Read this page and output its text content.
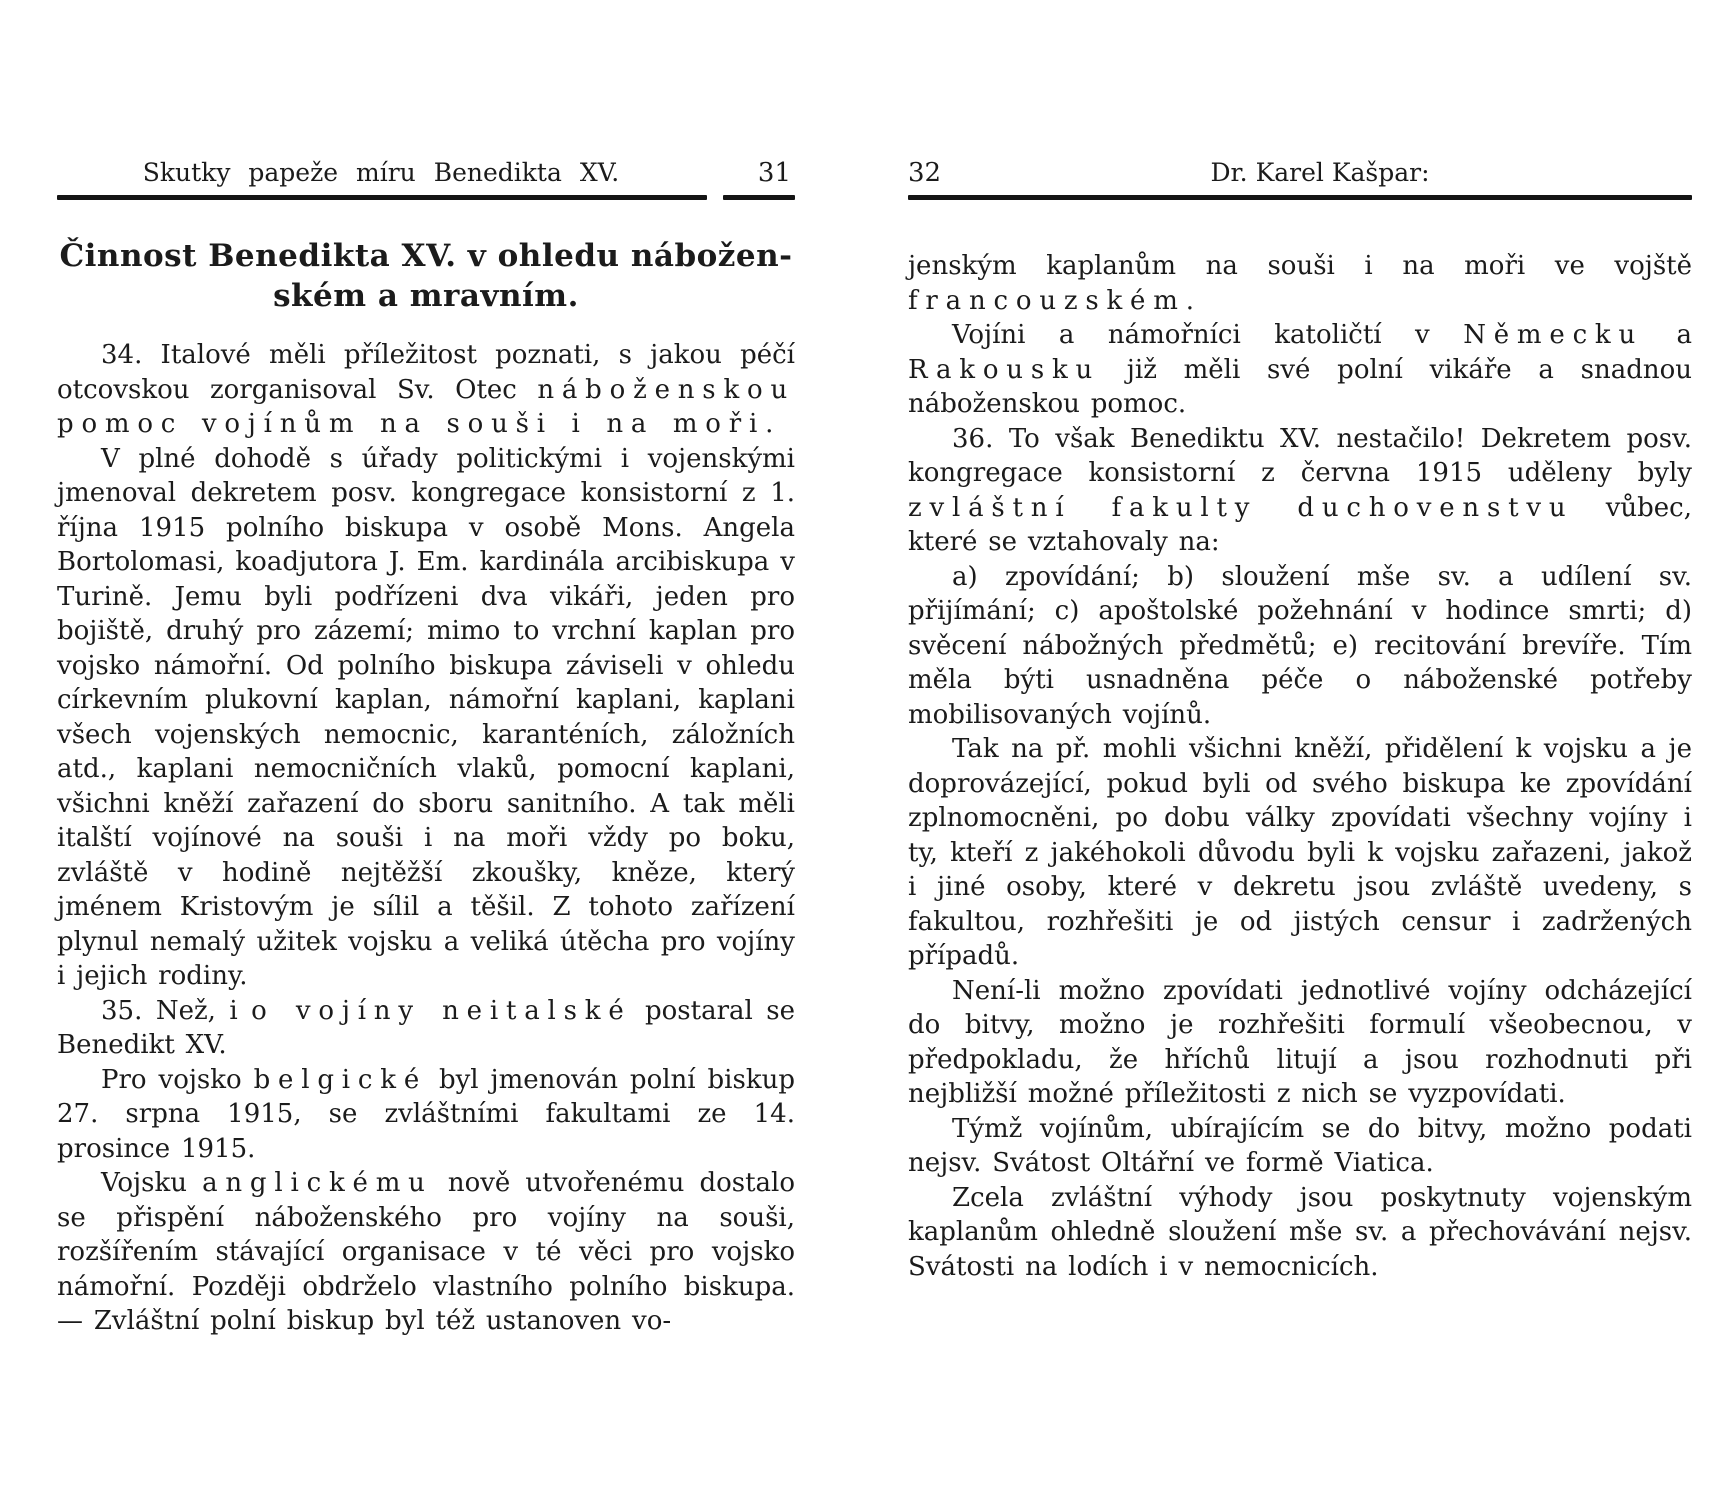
Skutky papeže míru Benedikta XV.	31
Činnost Benedikta XV. v ohledu nábožen-
ském a mravním.

34. Italové měli příležitost poznati, s jakou péčí otcovskou zorganisoval Sv. Otec náboženskou pomoc vojínům na souši i na moři.

V plné dohodě s úřady politickými i vojenskými jmenoval dekretem posv. kongregace konsistorní z 1. října 1915 polního biskupa v osobě Mons. Angela Bortolomasi, koadjutora J. Em. kardinála arcibiskupa v Turině. Jemu byli podřízeni dva vikáři, jeden pro bojiště, druhý pro zázemí; mimo to vrchní kaplan pro vojsko námořní. Od polního biskupa záviseli v ohledu církevním plukovní kaplan, námořní kaplani, kaplani všech vojenských nemocnic, karanténích, záložních atd., kaplani nemocničních vlaků, pomocní kaplani, všichni kněží zařazení do sboru sanitního. A tak měli italští vojínové na souši i na moři vždy po boku, zvláště v hodině nejtěžší zkoušky, kněze, který jménem Kristovým je sílil a těšil. Z tohoto zařízení plynul nemalý užitek vojsku a veliká útěcha pro vojíny i jejich rodiny.

35. Než, i o vojíny neitalské postaral se Benedikt XV.

Pro vojsko belgické byl jmenován polní biskup 27. srpna 1915, se zvláštními fakultami ze 14. prosince 1915.

Vojsku anglickému nově utvořenému dostalo se přispění náboženského pro vojíny na souši, rozšířením stávající organisace v té věci pro vojsko námořní. Později obdrželo vlastního polního biskupa. — Zvláštní polní biskup byl též ustanoven vo-

Dr. Karel Kašpar:
32

jenským kaplanům na souši i na moři ve vojště francouzském.

Vojíni a námořníci katoličtí v Německu a Rakousku již měli své polní vikáře a snadnou náboženskou pomoc.

36. To však Benediktu XV. nestačilo! Dekretem posv. kongregace konsistorní z června 1915 uděleny byly zvláštní fakulty duchovenstvu vůbec, které se vztahovaly na:

a) zpovídání; b) sloužení mše sv. a udílení sv. přijímání; c) apoštolské požehnání v hodince smrti; d) svěcení nábožných předmětů; e) recitování brevíře. Tím měla býti usnadněna péče o náboženské potřeby mobilisovaných vojínů.

Tak na př. mohli všichni kněží, přidělení k vojsku a je doprovázející, pokud byli od svého biskupa ke zpovídání zplnomocněni, po dobu války zpovídati všechny vojíny i ty, kteří z jakéhokoli důvodu byli k vojsku zařazeni, jakož i jiné osoby, které v dekretu jsou zvláště uvedeny, s fakultou, rozhřešiti je od jistých censur i zadržených případů.

Není-li možno zpovídati jednotlivé vojíny odcházející do bitvy, možno je rozhřešiti formulí všeobecnou, v předpokladu, že hříchů litují a jsou rozhodnuti při nejbližší možné příležitosti z nich se vyzpovídati.

Týmž vojínům, ubírajícím se do bitvy, možno podati nejsv. Svátost Oltářní ve formě Viatica.

Zcela zvláštní výhody jsou poskytnuty vojenským kaplanům ohledně sloužení mše sv. a přechovávání nejsv. Svátosti na lodích i v nemocnicích.
